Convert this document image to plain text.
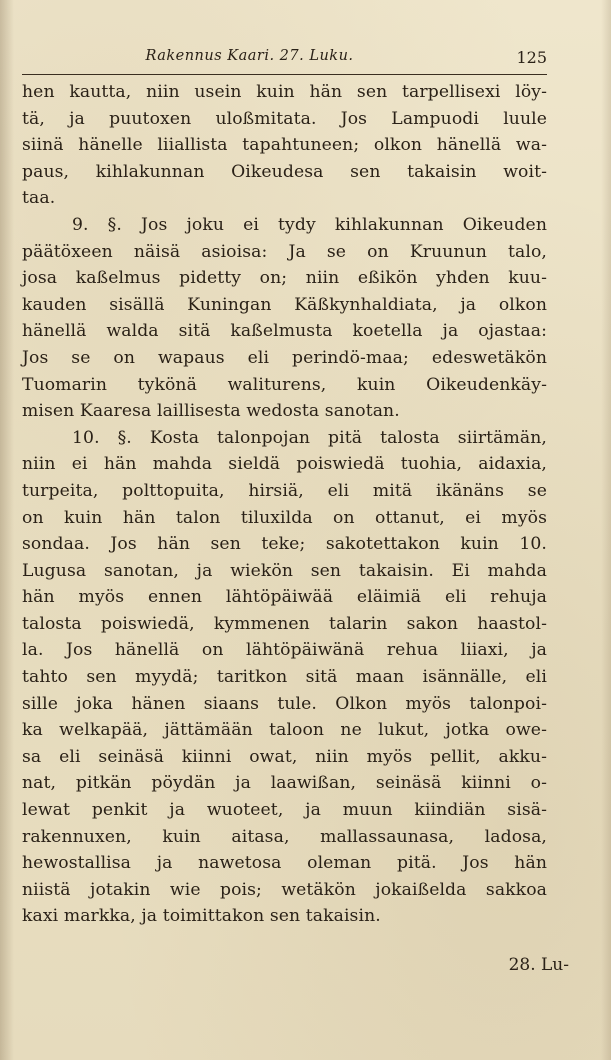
Rakennus Kaari. 27. Luku.	125
hen kautta, niin usein kuin hän sen tarpellisexi löy-
tä, ja puutoxen uloßmitata. Jos Lampuodi luule
siinä hänelle liiallista tapahtuneen; olkon hänellä wa-
paus, kihlakunnan Oikeudesa sen takaisin woit-
taa.
9. §. Jos joku ei tydy kihlakunnan Oikeuden
päätöxeen näisä asioisa: Ja se on Kruunun talo,
josa kaßelmus pidetty on; niin eßikön yhden kuu-
kauden sisällä Kuningan Käßkynhaldiata, ja olkon
hänellä walda sitä kaßelmusta koetella ja ojastaa:
Jos se on wapaus eli perindö-maa; edeswetäkön
Tuomarin tykönä waliturens, kuin Oikeudenkäy-
misen Kaaresa laillisesta wedosta sanotan.
10. §. Kosta talonpojan pitä talosta siirtämän,
niin ei hän mahda sieldä poiswiedä tuohia, aidaxia,
turpeita, polttopuita, hirsiä, eli mitä ikänäns se
on kuin hän talon tiluxilda on ottanut, ei myös
sondaa. Jos hän sen teke; sakotettakon kuin 10.
Lugusa sanotan, ja wiekön sen takaisin. Ei mahda
hän myös ennen lähtöpäiwää eläimiä eli rehuja
talosta poiswiedä, kymmenen talarin sakon haastol-
la. Jos hänellä on lähtöpäiwänä rehua liiaxi, ja
tahto sen myydä; taritkon sitä maan isännälle, eli
sille joka hänen siaans tule. Olkon myös talonpoi-
ka welkapää, jättämään taloon ne lukut, jotka owe-
sa eli seinäsä kiinni owat, niin myös pellit, akku-
nat, pitkän pöydän ja laawißan, seinäsä kiinni o-
lewat penkit ja wuoteet, ja muun kiindiän sisä-
rakennuxen, kuin aitasa, mallassaunasa, ladosa,
hewostallisa ja nawetosa oleman pitä. Jos hän
niistä jotakin wie pois; wetäkön jokaißelda sakkoa
kaxi markka, ja toimittakon sen takaisin.
28. Lu-
